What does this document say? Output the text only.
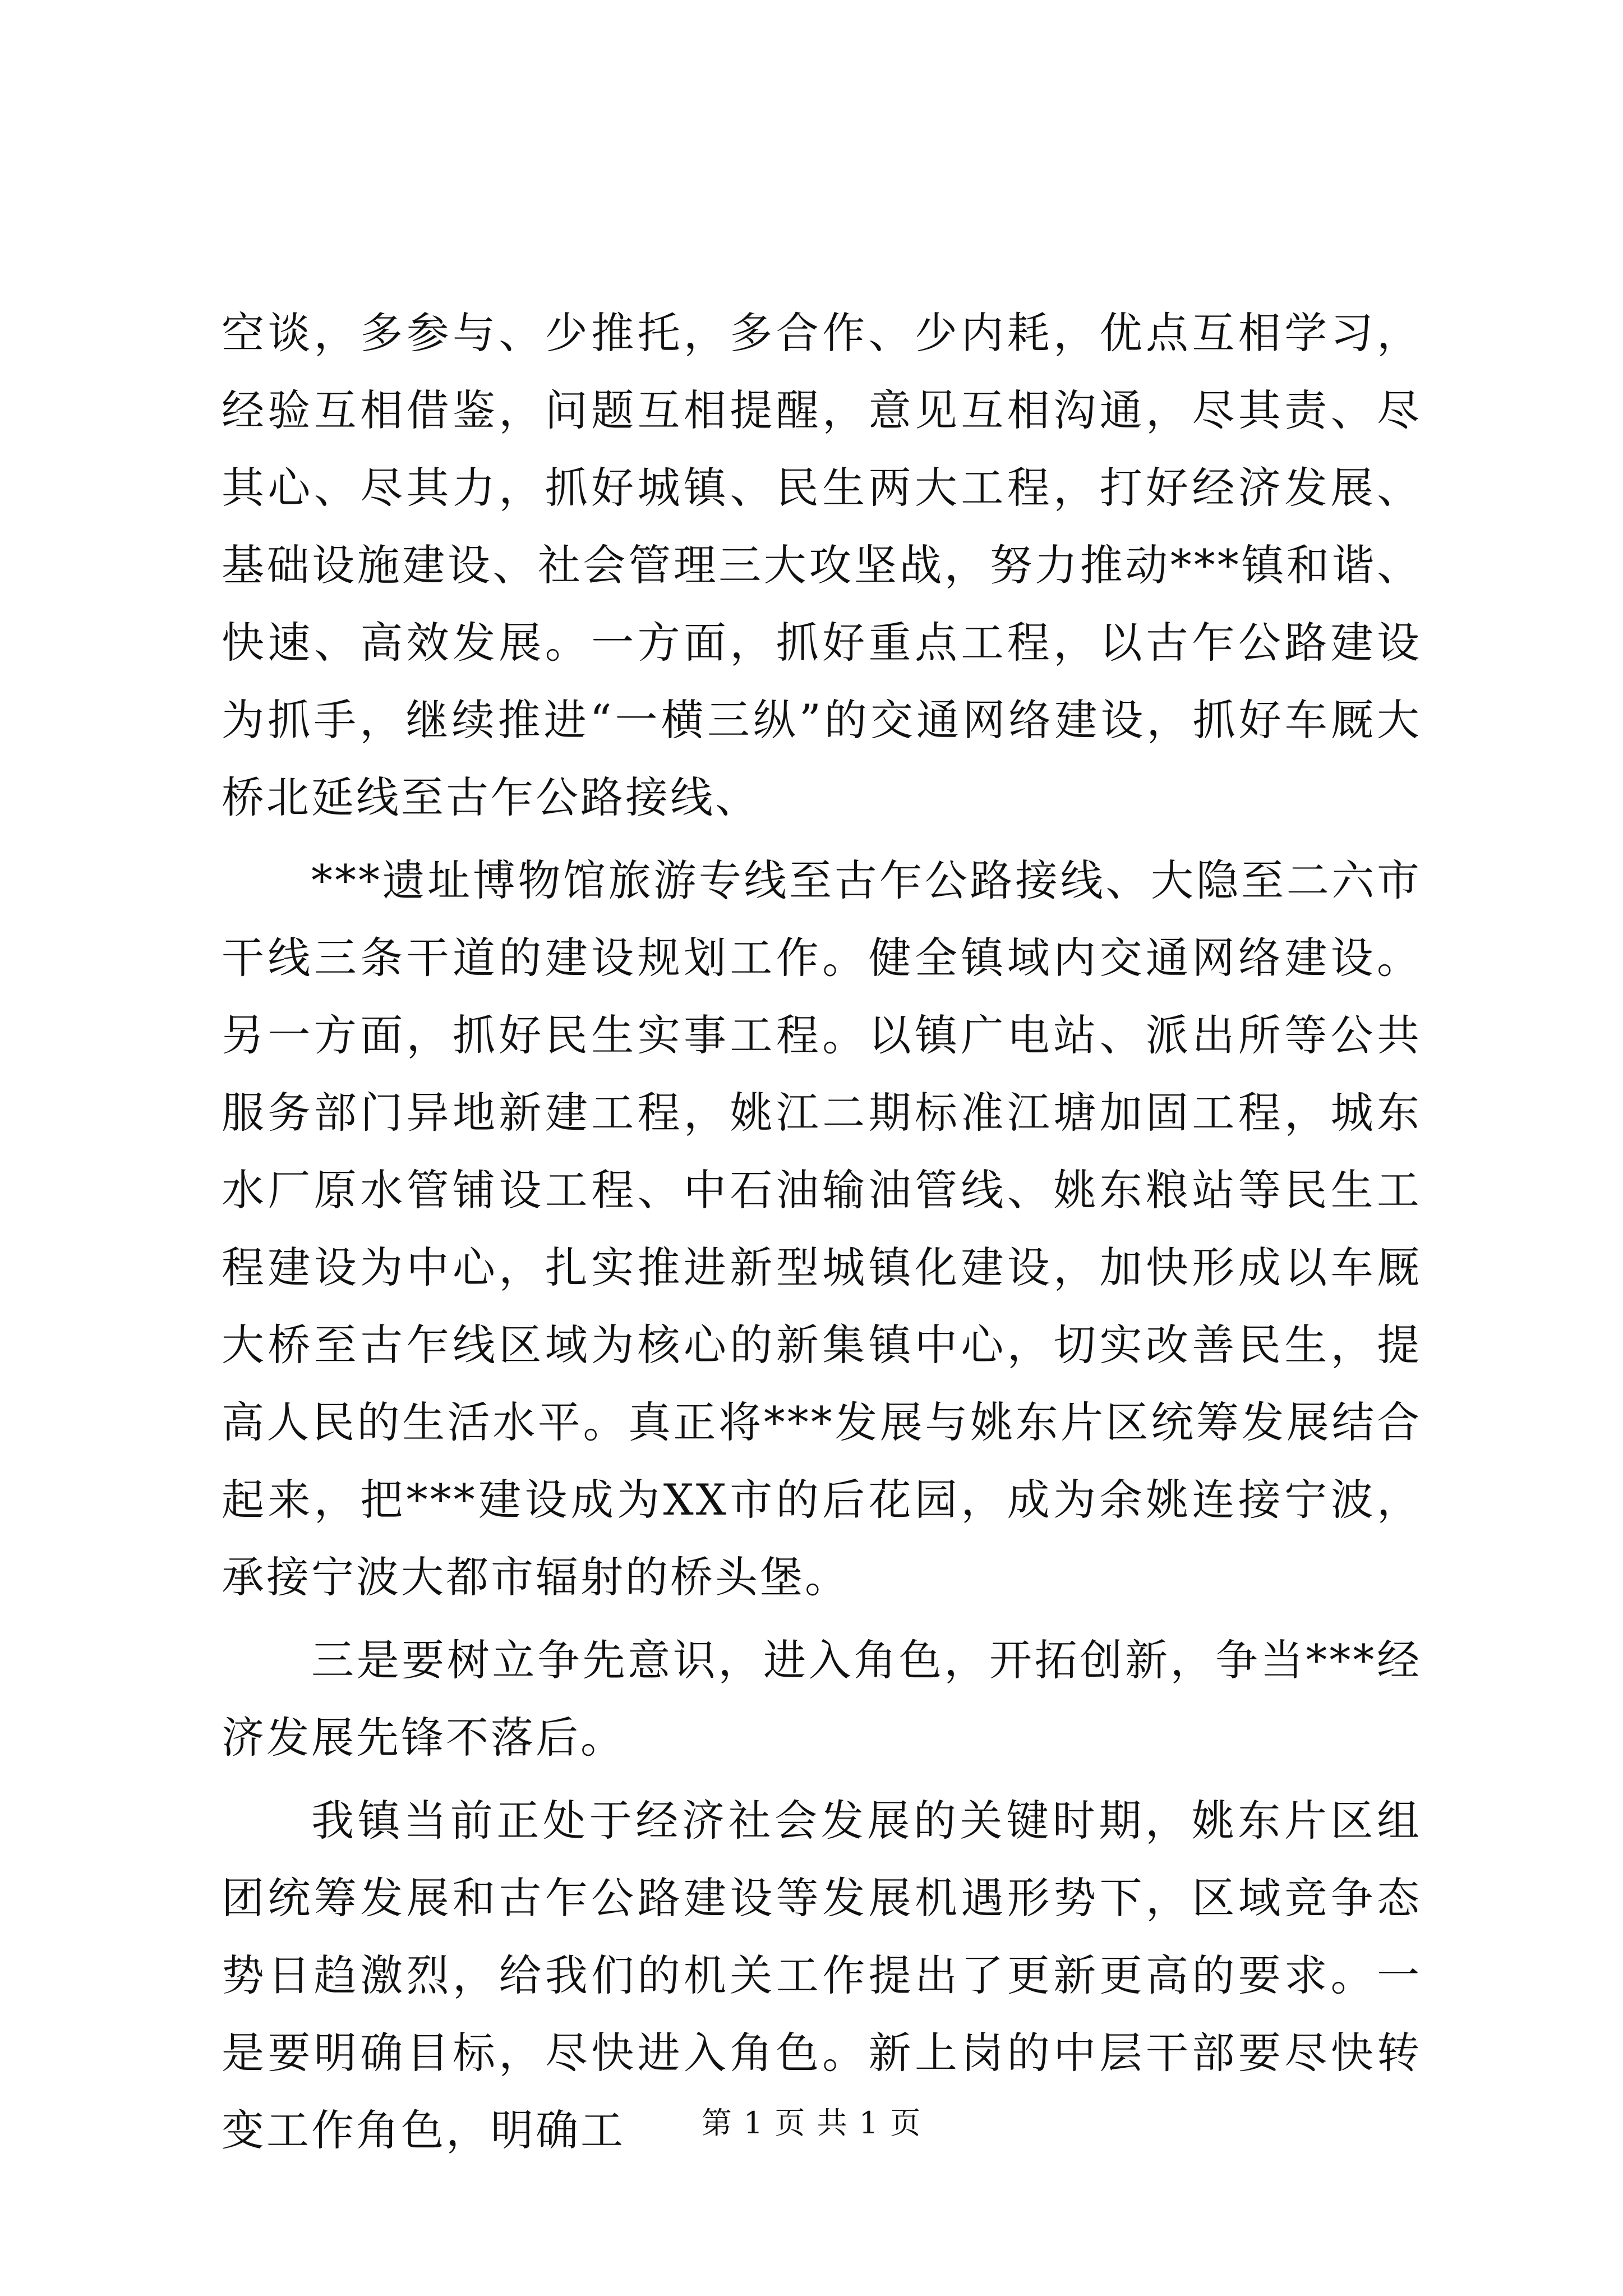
空谈，多参与、少推托，多合作、少内耗，优点互相学习，经验互相借鉴，问题互相提醒，意见互相沟通，尽其责、尽其心、尽其力，抓好城镇、民生两大工程，打好经济发展、基础设施建设、社会管理三大攻坚战，努力推动***镇和谐、快速、高效发展。一方面，抓好重点工程，以古乍公路建设为抓手，继续推进“一横三纵”的交通网络建设，抓好车厩大桥北延线至古乍公路接线、

***遗址博物馆旅游专线至古乍公路接线、大隐至二六市干线三条干道的建设规划工作。健全镇域内交通网络建设。另一方面，抓好民生实事工程。以镇广电站、派出所等公共服务部门异地新建工程，姚江二期标准江塘加固工程，城东水厂原水管铺设工程、中石油输油管线、姚东粮站等民生工程建设为中心，扎实推进新型城镇化建设，加快形成以车厩大桥至古乍线区域为核心的新集镇中心，切实改善民生，提高人民的生活水平。真正将***发展与姚东片区统筹发展结合起来，把***建设成为XX市的后花园，成为余姚连接宁波，承接宁波大都市辐射的桥头堡。

三是要树立争先意识，进入角色，开拓创新，争当***经济发展先锋不落后。

我镇当前正处于经济社会发展的关键时期，姚东片区组团统筹发展和古乍公路建设等发展机遇形势下，区域竞争态势日趋激烈，给我们的机关工作提出了更新更高的要求。一是要明确目标，尽快进入角色。新上岗的中层干部要尽快转变工作角色，明确工	第 1 页 共 1 页
